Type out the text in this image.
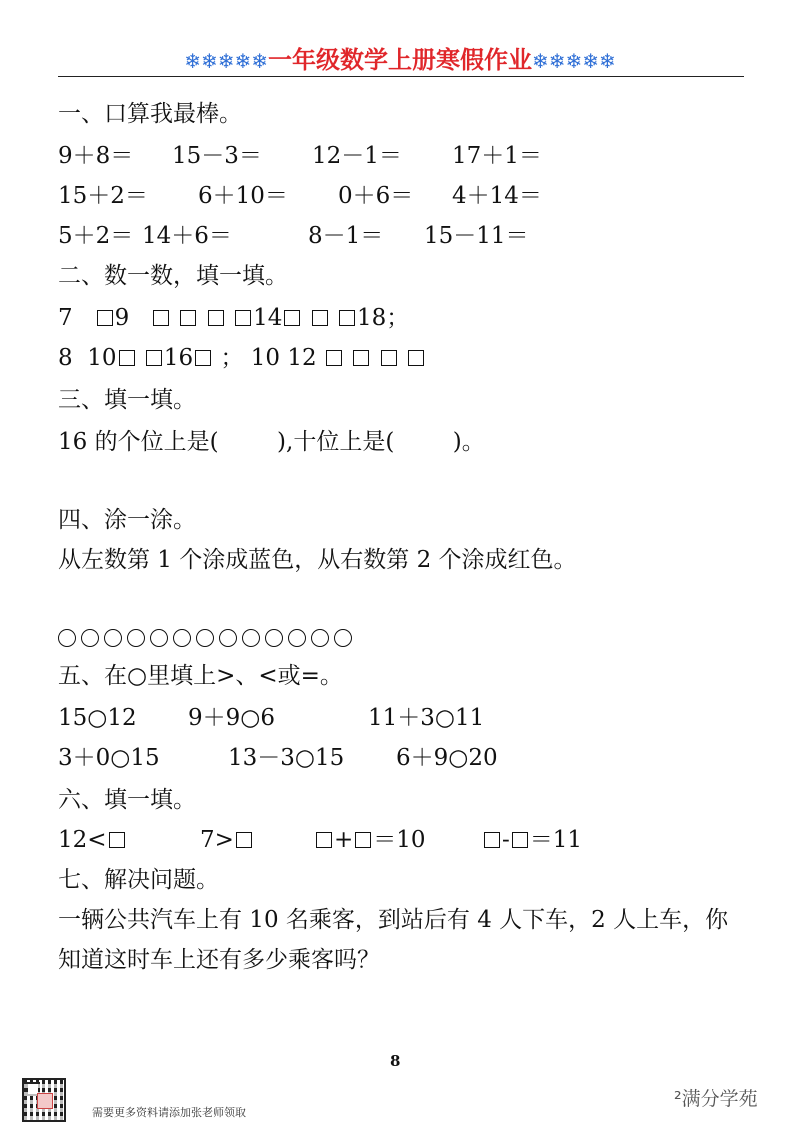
❄❄❄❄❄一年级数学上册寒假作业❄❄❄❄❄
一、口算我最棒。
9＋8＝ 15－3＝ 12－1＝ 17＋1＝
15＋2＝ 6＋10＝ 0＋6＝ 4＋14＝
5＋2＝ 14＋6＝	8－1＝ 15－11＝
二、数一数，填一填。
7 9	14	18；
8 10 16 ； 10 12
三、填一填。
16 的个位上是(        ),十位上是(        )。
四、涂一涂。
从左数第 1 个涂成蓝色，从右数第 2 个涂成红色。
五、在○里填上>、<或=。
15○12 9＋9○6	11＋3○11
3＋0○15	13－3○15 6＋9○20
六、填一填。
12<	7>	+ ＝10	- ＝11
七、解决问题。
一辆公共汽车上有 10 名乘客，到站后有 4 人下车，2 人上车，你
知道这时车上还有多少乘客吗？
8
需要更多资料请添加张老师领取
²满分学苑
